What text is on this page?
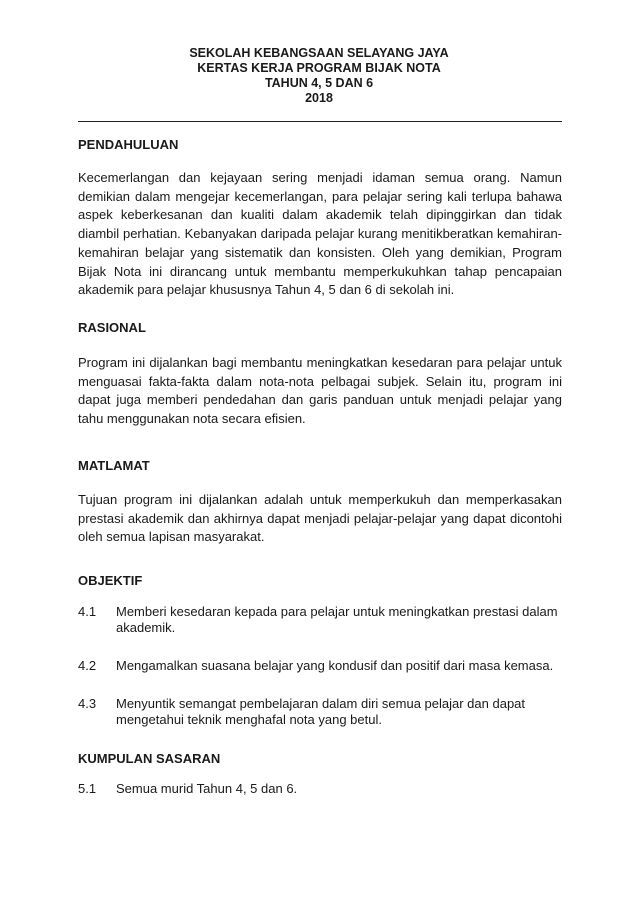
SEKOLAH KEBANGSAAN SELAYANG JAYA
KERTAS KERJA PROGRAM BIJAK NOTA
TAHUN 4, 5 DAN 6
2018
PENDAHULUAN
Kecemerlangan dan kejayaan sering menjadi idaman semua orang. Namun demikian dalam mengejar kecemerlangan, para pelajar sering kali terlupa bahawa aspek keberkesanan dan kualiti dalam akademik telah dipinggirkan dan tidak diambil perhatian. Kebanyakan daripada pelajar kurang menitikberatkan kemahiran-kemahiran belajar yang sistematik dan konsisten. Oleh yang demikian, Program Bijak Nota ini dirancang untuk membantu memperkukuhkan tahap pencapaian akademik para pelajar khususnya Tahun 4, 5 dan 6 di sekolah ini.
RASIONAL
Program ini dijalankan bagi membantu meningkatkan kesedaran para pelajar untuk menguasai fakta-fakta dalam nota-nota pelbagai subjek. Selain itu, program ini dapat juga memberi pendedahan dan garis panduan untuk menjadi pelajar yang tahu menggunakan nota secara efisien.
MATLAMAT
Tujuan program ini dijalankan adalah untuk memperkukuh dan memperkasakan prestasi akademik dan akhirnya dapat menjadi pelajar-pelajar yang dapat dicontohi oleh semua lapisan masyarakat.
OBJEKTIF
4.1	Memberi kesedaran kepada para pelajar untuk meningkatkan prestasi dalam akademik.
4.2	Mengamalkan suasana belajar yang kondusif dan positif dari masa kemasa.
4.3	Menyuntik semangat pembelajaran dalam diri semua pelajar dan dapat mengetahui teknik menghafal nota yang betul.
KUMPULAN SASARAN
5.1	Semua murid Tahun 4, 5 dan 6.
